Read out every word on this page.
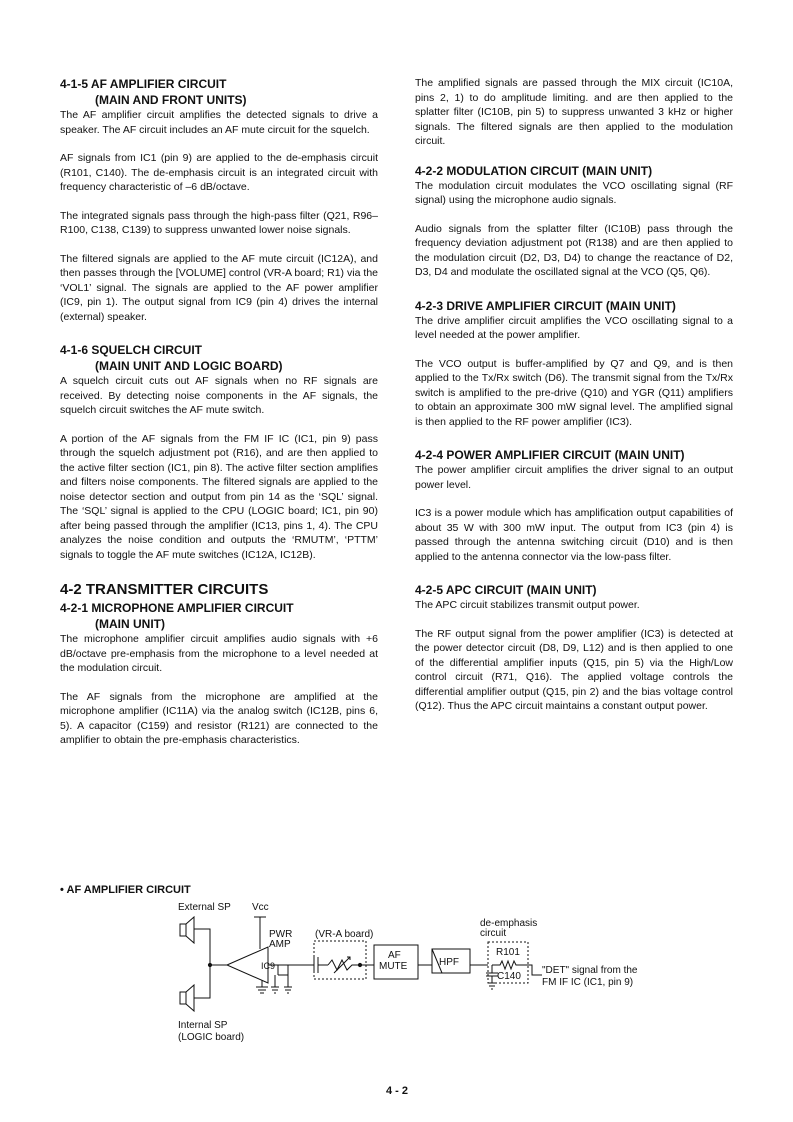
4-1-5 AF AMPLIFIER CIRCUIT
(MAIN AND FRONT UNITS)

The AF amplifier circuit amplifies the detected signals to drive a speaker. The AF circuit includes an AF mute circuit for the squelch.

AF signals from IC1 (pin 9) are applied to the de-emphasis circuit (R101, C140). The de-emphasis circuit is an integrated circuit with frequency characteristic of –6 dB/octave.

The integrated signals pass through the high-pass filter (Q21, R96–R100, C138, C139) to suppress unwanted lower noise signals.

The filtered signals are applied to the AF mute circuit (IC12A), and then passes through the [VOLUME] control (VR-A board; R1) via the ‘VOL1’ signal. The signals are applied to the AF power amplifier (IC9, pin 1). The output signal from IC9 (pin 4) drives the internal (external) speaker.

4-1-6 SQUELCH CIRCUIT
(MAIN UNIT AND LOGIC BOARD)

A squelch circuit cuts out AF signals when no RF signals are received. By detecting noise components in the AF signals, the squelch circuit switches the AF mute switch.

A portion of the AF signals from the FM IF IC (IC1, pin 9) pass through the squelch adjustment pot (R16), and are then applied to the active filter section (IC1, pin 8). The active filter section amplifies and filters noise components. The filtered signals are applied to the noise detector section and output from pin 14 as the ‘SQL’ signal. The ‘SQL’ signal is applied to the CPU (LOGIC board; IC1, pin 90) after being passed through the amplifier (IC13, pins 1, 4). The CPU analyzes the noise condition and outputs the ‘RMUTM’, ‘PTTM’ signals to toggle the AF mute switches (IC12A, IC12B).

4-2 TRANSMITTER CIRCUITS
4-2-1 MICROPHONE AMPLIFIER CIRCUIT
(MAIN UNIT)

The microphone amplifier circuit amplifies audio signals with +6 dB/octave pre-emphasis from the microphone to a level needed at the modulation circuit.

The AF signals from the microphone are amplified at the microphone amplifier (IC11A) via the analog switch (IC12B, pins 6, 5). A capacitor (C159) and resistor (R121) are connected to the amplifier to obtain the pre-emphasis characteristics.

The amplified signals are passed through the MIX circuit (IC10A, pins 2, 1) to do amplitude limiting. and are then applied to the splatter filter (IC10B, pin 5) to suppress unwanted 3 kHz or higher signals. The filtered signals are then applied to the modulation circuit.

4-2-2 MODULATION CIRCUIT (MAIN UNIT)

The modulation circuit modulates the VCO oscillating signal (RF signal) using the microphone audio signals.

Audio signals from the splatter filter (IC10B) pass through the frequency deviation adjustment pot (R138) and are then applied to the modulation circuit (D2, D3, D4) to change the reactance of D2, D3, D4 and modulate the oscillated signal at the VCO (Q5, Q6).

4-2-3 DRIVE AMPLIFIER CIRCUIT (MAIN UNIT)

The drive amplifier circuit amplifies the VCO oscillating signal to a level needed at the power amplifier.

The VCO output is buffer-amplified by Q7 and Q9, and is then applied to the Tx/Rx switch (D6). The transmit signal from the Tx/Rx switch is amplified to the pre-drive (Q10) and YGR (Q11) amplifiers to obtain an approximate 300 mW signal level. The amplified signal is then applied to the RF power amplifier (IC3).

4-2-4 POWER AMPLIFIER CIRCUIT (MAIN UNIT)

The power amplifier circuit amplifies the driver signal to an output power level.

IC3 is a power module which has amplification output capabilities of about 35 W with 300 mW input. The output from IC3 (pin 4) is passed through the antenna switching circuit (D10) and is then applied to the antenna connector via the low-pass filter.

4-2-5 APC CIRCUIT (MAIN UNIT)

The APC circuit stabilizes transmit output power.

The RF output signal from the power amplifier (IC3) is detected at the power detector circuit (D8, D9, L12) and is then applied to one of the differential amplifier inputs (Q15, pin 5) via the High/Low control circuit (R71, Q16). The applied voltage controls the differential amplifier output (Q15, pin 2) and the bias voltage control (Q12). Thus the APC circuit maintains a constant output power.

• AF AMPLIFIER CIRCUIT
External SP Vcc
PWR
AMP
IC9
(VR-A board)
AF
MUTE	HPF
de-emphasis
circuit
R101
C140
"DET" signal from the
FM IF IC (IC1, pin 9)
Internal SP
(LOGIC board)
4 - 2
